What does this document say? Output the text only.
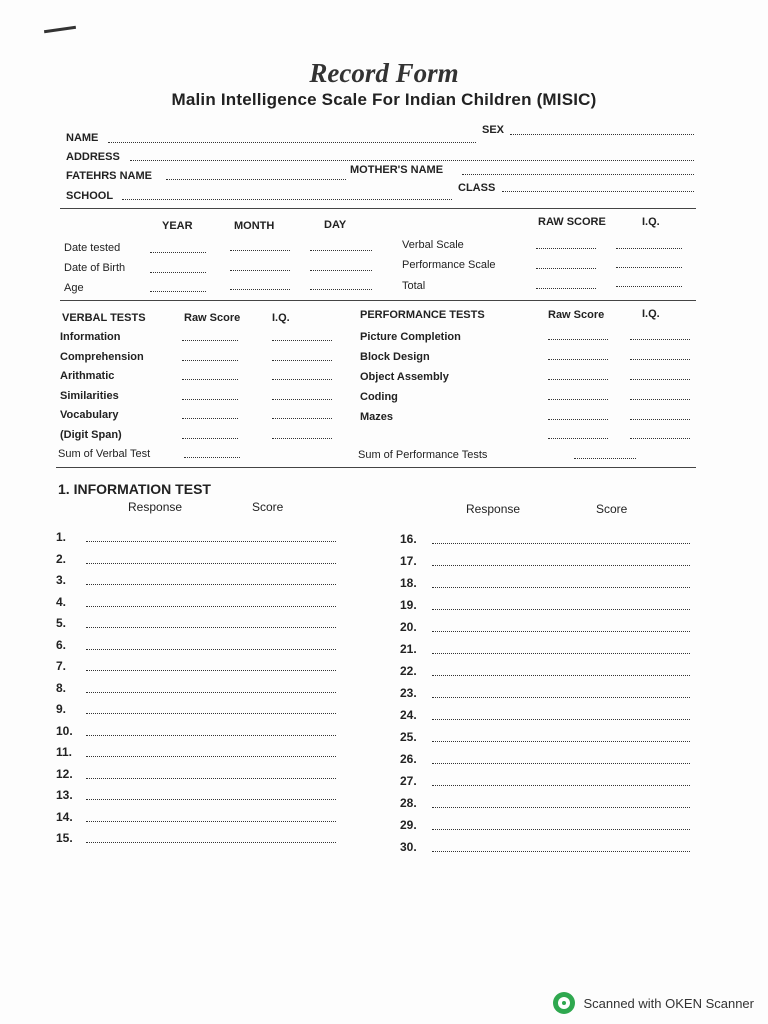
Record Form
Malin Intelligence Scale For Indian Children (MISIC)
NAME
SEX
ADDRESS
FATEHRS NAME	MOTHER'S NAME
SCHOOL
CLASS
YEAR	MONTH	DAY
Date tested
Date of Birth
Age
RAW SCORE	I.Q.
Verbal Scale
Performance Scale
Total
VERBAL TESTS	Raw Score	I.Q.
Information
Comprehension
Arithmatic
Similarities
Vocabulary
(Digit Span)
Sum of Verbal Test
PERFORMANCE TESTS	Raw Score	I.Q.
Picture Completion
Block Design
Object Assembly
Coding
Mazes
Sum of Performance Tests
1. INFORMATION TEST
Response	Score	Response	Score
1.
2.
3.
4.
5.
6.
7.
8.
9.
10.
11.
12.
13.
14.
15.
16.
17.
18.
19.
20.
21.
22.
23.
24.
25.
26.
27.
28.
29.
30.
Scanned with OKEN Scanner
